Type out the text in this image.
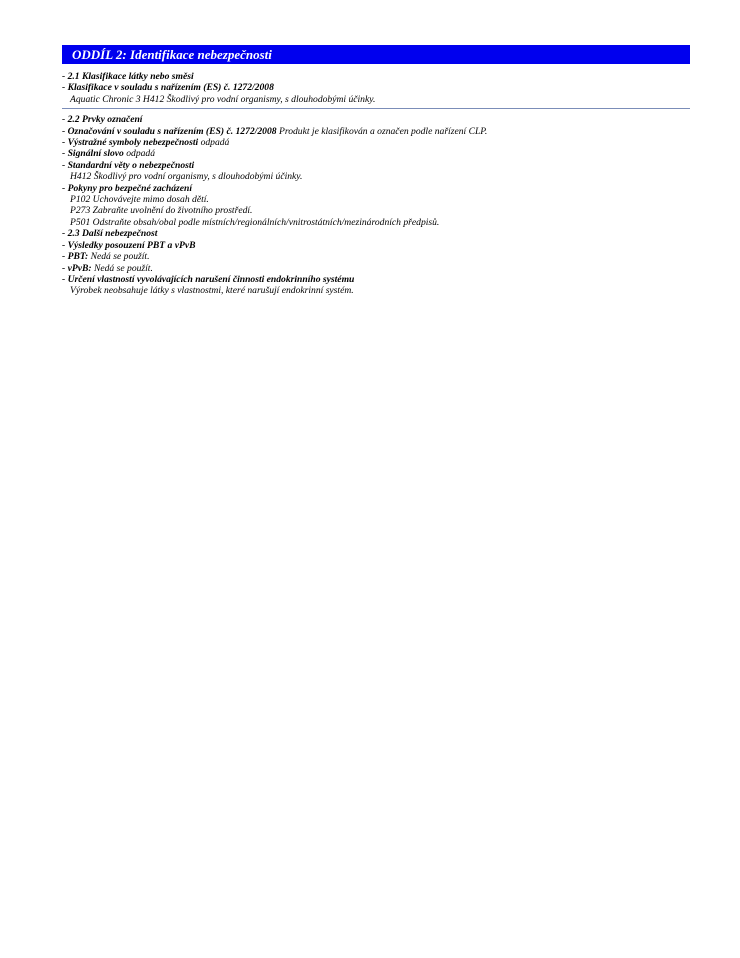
ODDÍL 2: Identifikace nebezpečnosti
- 2.1 Klasifikace látky nebo směsi
- Klasifikace v souladu s nařízením (ES) č. 1272/2008
Aquatic Chronic 3 H412 Škodlivý pro vodní organismy, s dlouhodobými účinky.
- 2.2 Prvky označení
- Označování v souladu s nařízením (ES) č. 1272/2008 Produkt je klasifikován a označen podle nařízení CLP.
- Výstražné symboly nebezpečnosti odpadá
- Signální slovo odpadá
- Standardní věty o nebezpečnosti
H412 Škodlivý pro vodní organismy, s dlouhodobými účinky.
- Pokyny pro bezpečné zacházení
P102 Uchovávejte mimo dosah dětí.
P273 Zabraňte uvolnění do životního prostředí.
P501 Odstraňte obsah/obal podle místních/regionálních/vnitrostátních/mezinárodních předpisů.
- 2.3 Další nebezpečnost
- Výsledky posouzení PBT a vPvB
- PBT: Nedá se použít.
- vPvB: Nedá se použít.
- Určení vlastností vyvolávajících narušení činnosti endokrinního systému
Výrobek neobsahuje látky s vlastnostmi, které narušují endokrinní systém.
